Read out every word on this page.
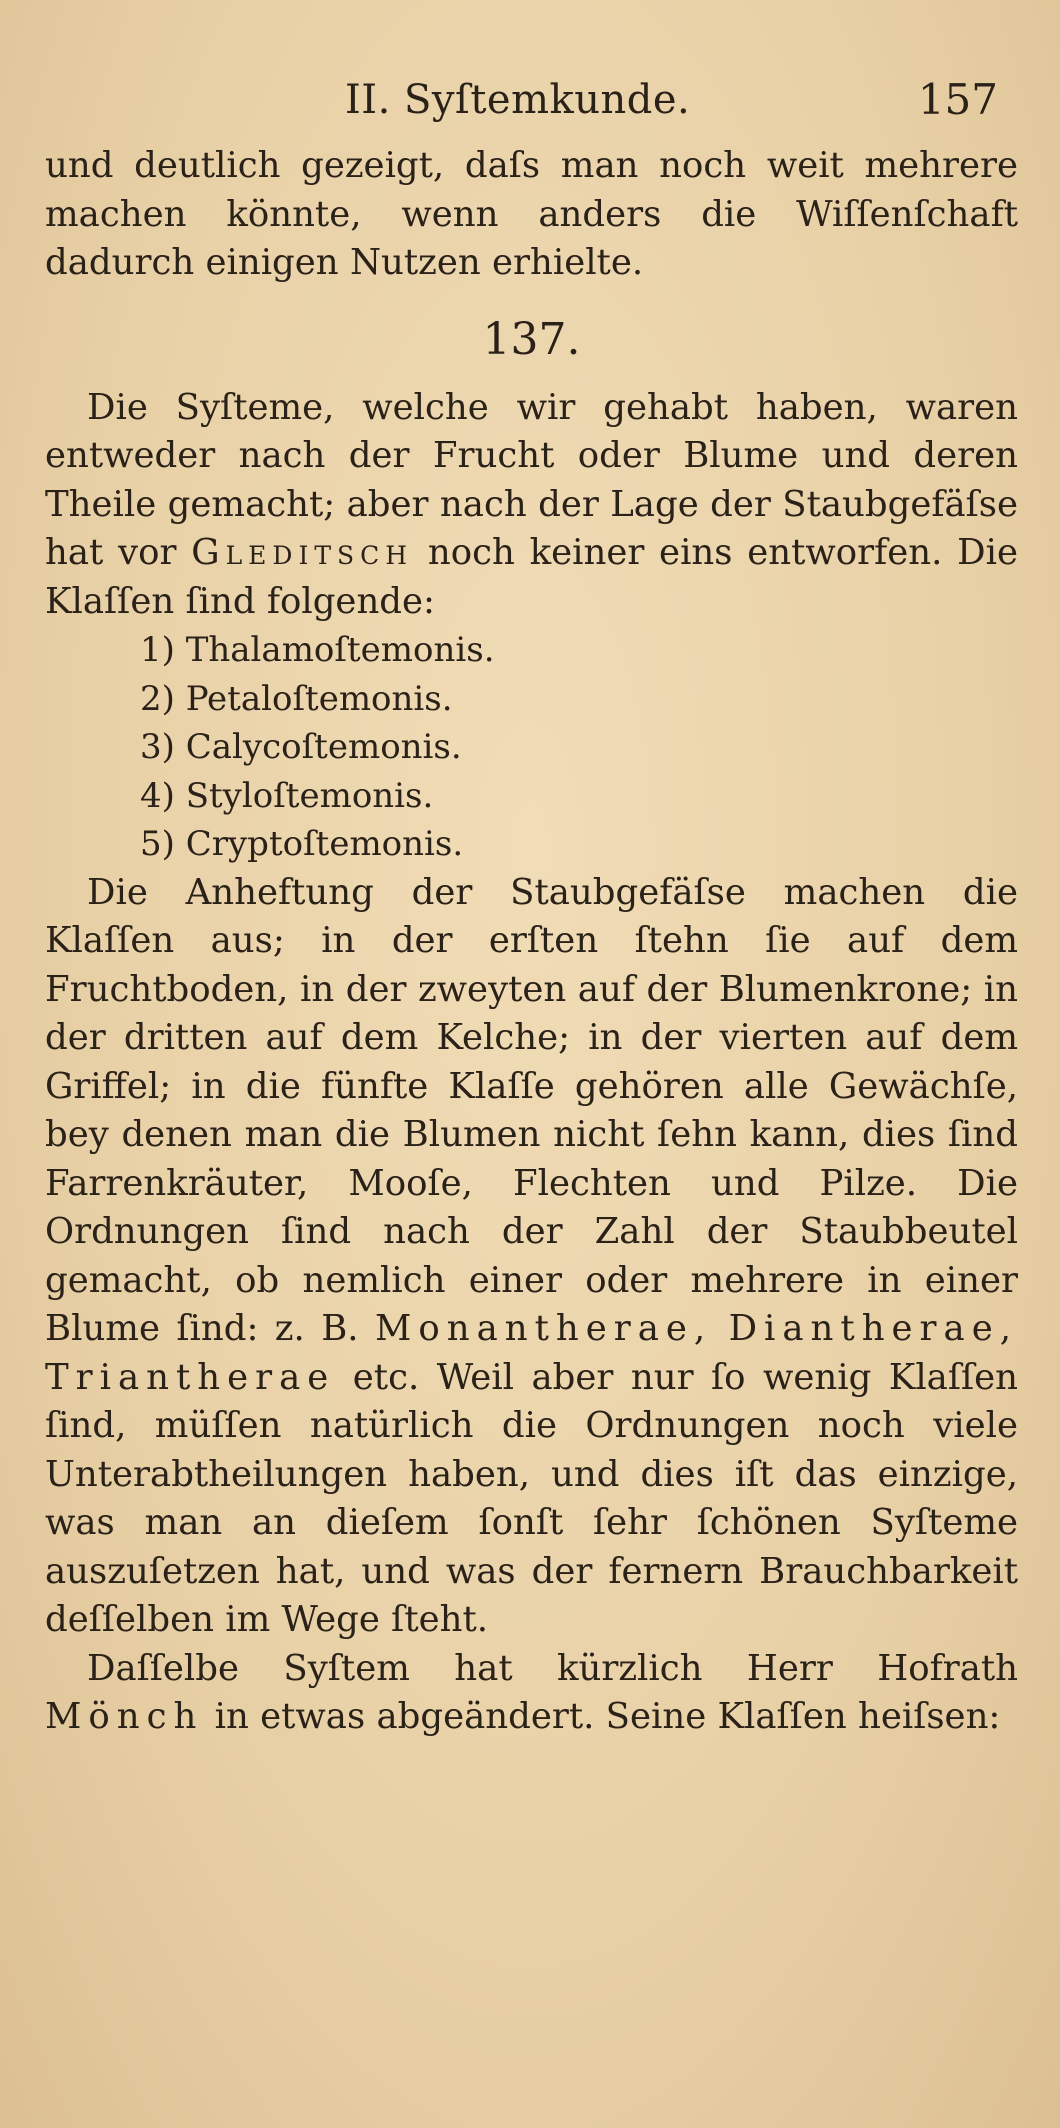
II. Syſtemkunde.	157

und deutlich gezeigt, daſs man noch weit mehrere machen könnte, wenn anders die Wiſſenſchaft dadurch einigen Nutzen erhielte.

137.

Die Syſteme, welche wir gehabt haben, waren entweder nach der Frucht oder Blume und deren Theile gemacht; aber nach der Lage der Staubgefäſse hat vor Gleditsch noch keiner eins entworfen. Die Klaſſen ſind folgende:

1) Thalamoſtemonis.
2) Petaloſtemonis.
3) Calycoſtemonis.
4) Styloſtemonis.
5) Cryptoſtemonis.

Die Anheftung der Staubgefäſse machen die Klaſſen aus; in der erſten ſtehn ſie auf dem Fruchtboden, in der zweyten auf der Blumenkrone; in der dritten auf dem Kelche; in der vierten auf dem Griffel; in die fünfte Klaſſe gehören alle Gewächſe, bey denen man die Blumen nicht ſehn kann, dies ſind Farrenkräuter, Mooſe, Flechten und Pilze. Die Ordnungen ſind nach der Zahl der Staubbeutel gemacht, ob nemlich einer oder mehrere in einer Blume ſind: z. B. Monantherae, Diantherae, Triantherae etc. Weil aber nur ſo wenig Klaſſen ſind, müſſen natürlich die Ordnungen noch viele Unterabtheilungen haben, und dies iſt das einzige, was man an dieſem ſonſt ſehr ſchönen Syſteme auszuſetzen hat, und was der fernern Brauchbarkeit deſſelben im Wege ſteht.

Daſſelbe Syſtem hat kürzlich Herr Hofrath Mönch in etwas abgeändert. Seine Klaſſen heiſsen:
